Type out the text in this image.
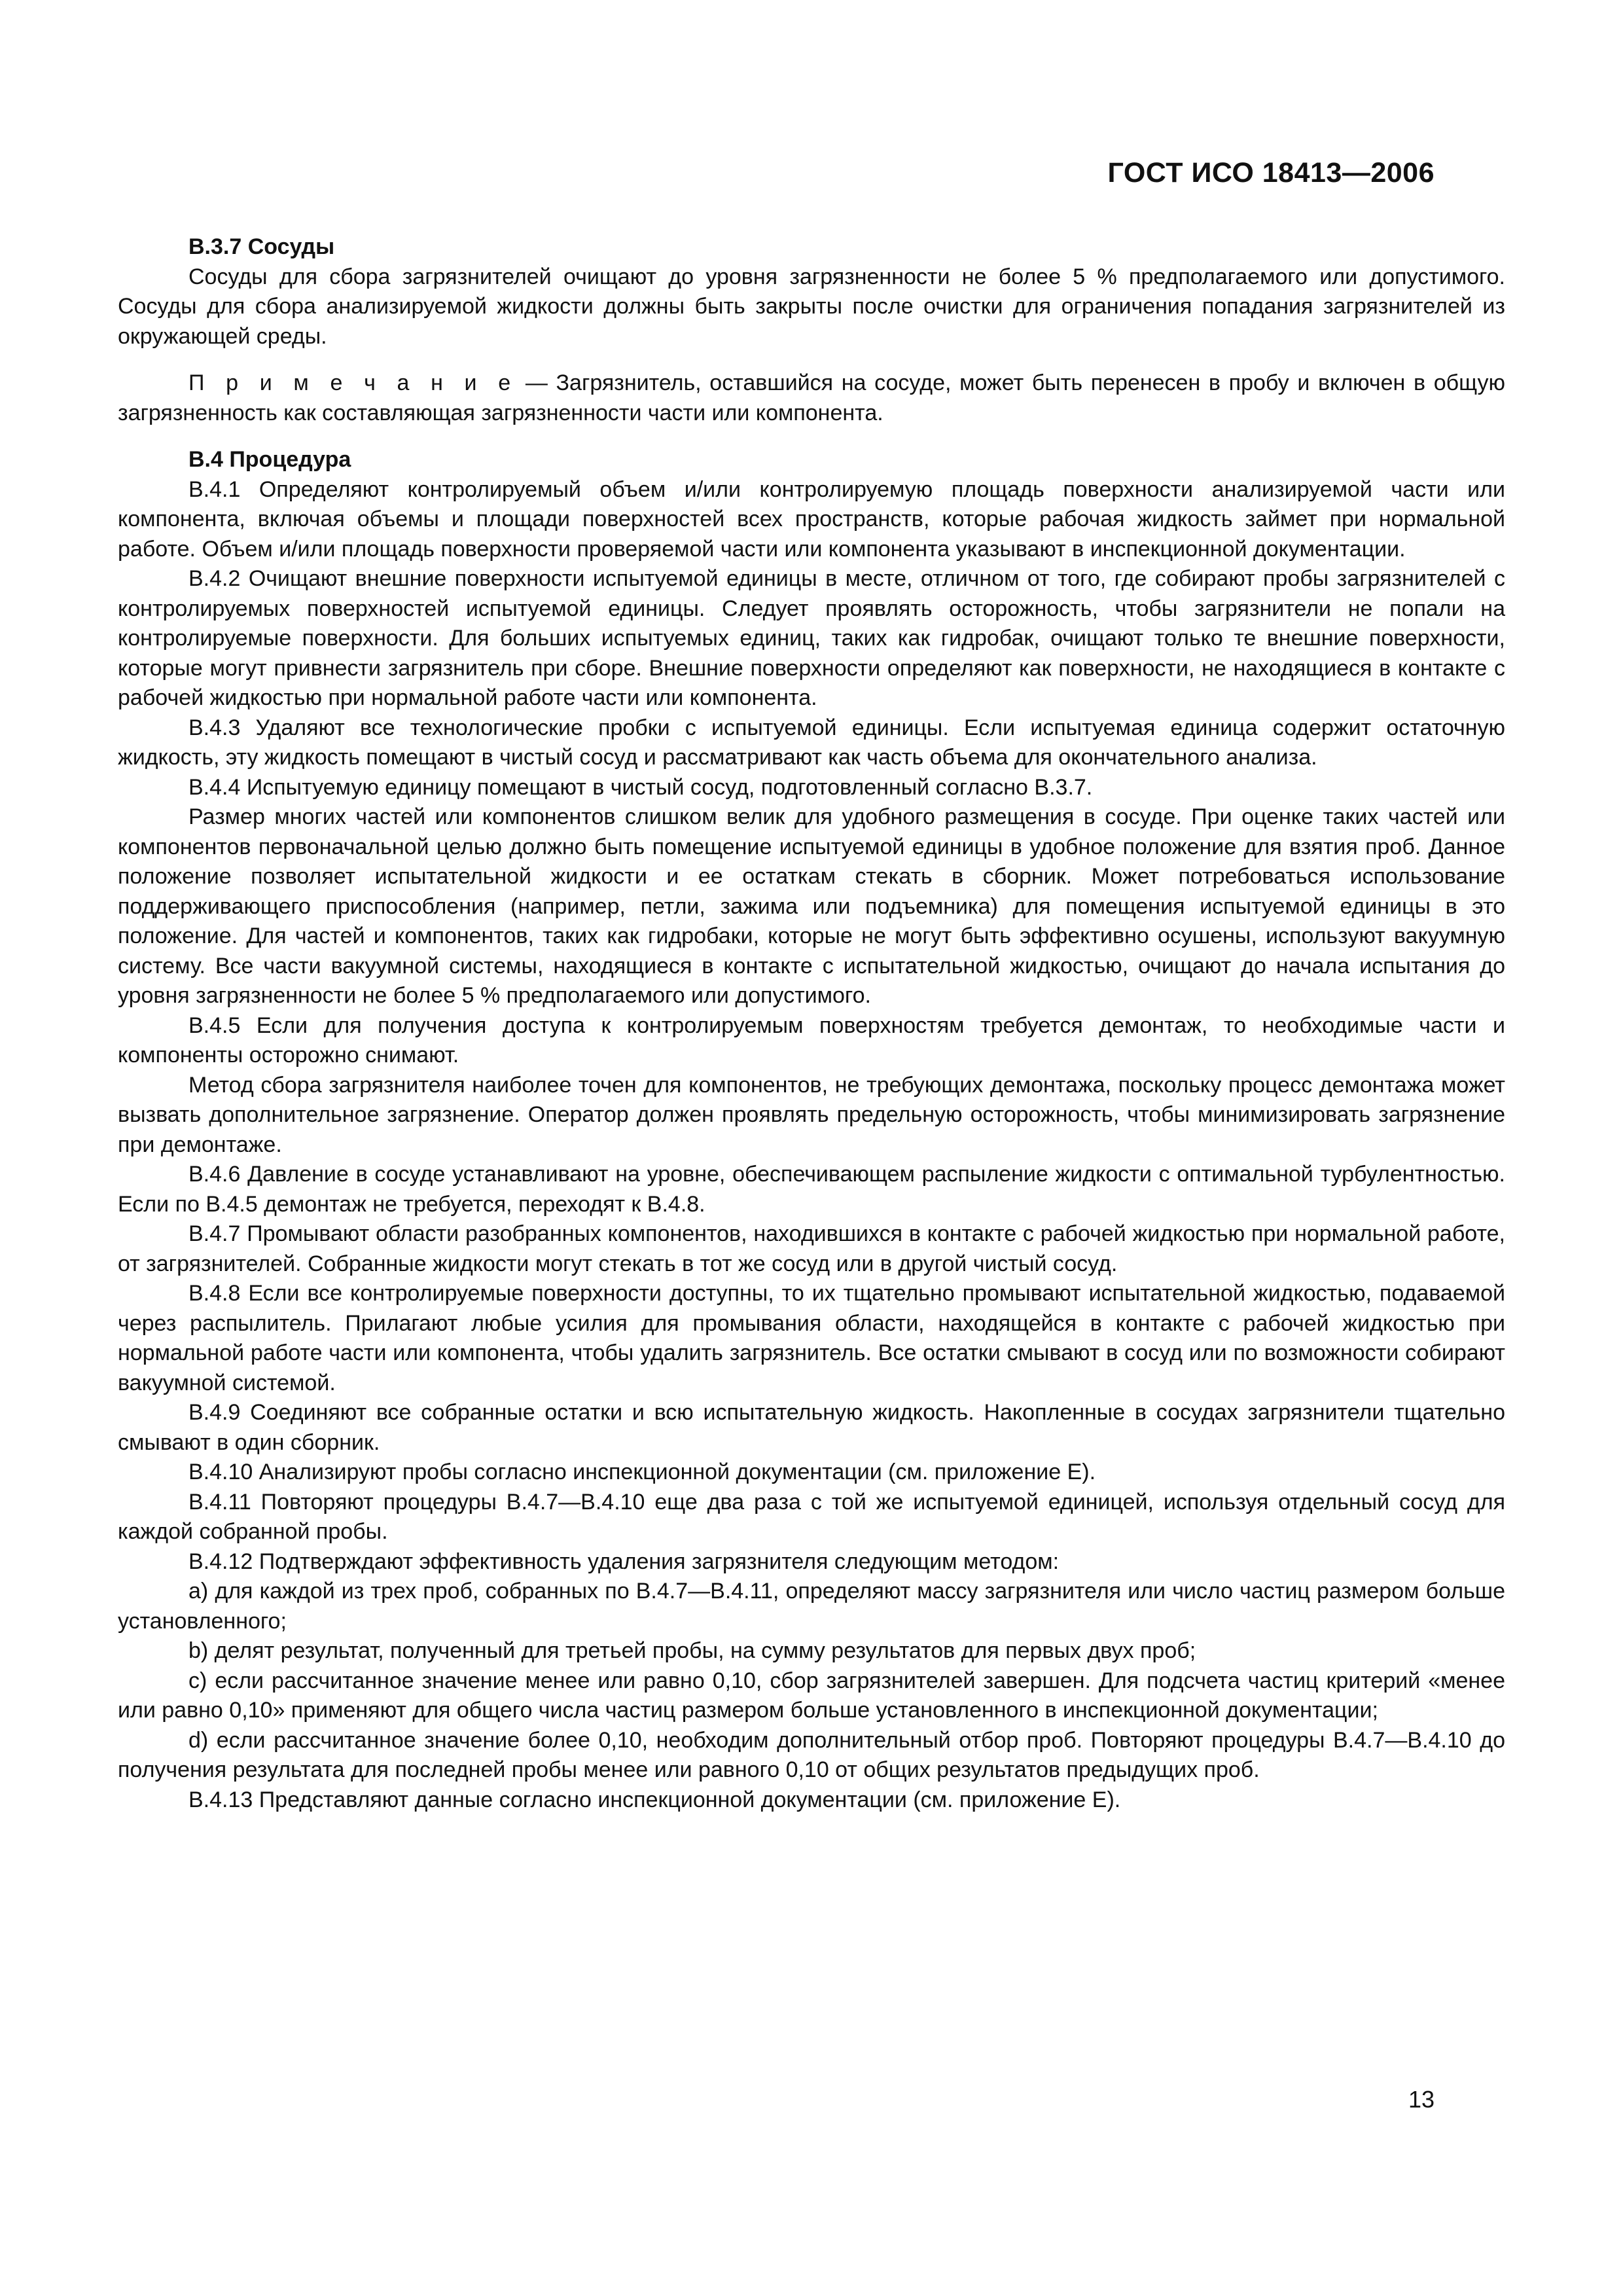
ГОСТ ИСО 18413—2006
B.3.7 Сосуды

Сосуды для сбора загрязнителей очищают до уровня загрязненности не более 5 % предполагаемого или допустимого. Сосуды для сбора анализируемой жидкости должны быть закрыты после очистки для ограничения попадания загрязнителей из окружающей среды.

П р и м е ч а н и е — Загрязнитель, оставшийся на сосуде, может быть перенесен в пробу и включен в общую загрязненность как составляющая загрязненности части или компонента.

B.4 Процедура

B.4.1 Определяют контролируемый объем и/или контролируемую площадь поверхности анализируемой части или компонента, включая объемы и площади поверхностей всех пространств, которые рабочая жидкость займет при нормальной работе. Объем и/или площадь поверхности проверяемой части или компонента указывают в инспекционной документации.

B.4.2 Очищают внешние поверхности испытуемой единицы в месте, отличном от того, где собирают пробы загрязнителей с контролируемых поверхностей испытуемой единицы. Следует проявлять осторожность, чтобы загрязнители не попали на контролируемые поверхности. Для больших испытуемых единиц, таких как гидробак, очищают только те внешние поверхности, которые могут привнести загрязнитель при сборе. Внешние поверхности определяют как поверхности, не находящиеся в контакте с рабочей жидкостью при нормальной работе части или компонента.

B.4.3 Удаляют все технологические пробки с испытуемой единицы. Если испытуемая единица содержит остаточную жидкость, эту жидкость помещают в чистый сосуд и рассматривают как часть объема для окончательного анализа.

B.4.4 Испытуемую единицу помещают в чистый сосуд, подготовленный согласно B.3.7.

Размер многих частей или компонентов слишком велик для удобного размещения в сосуде. При оценке таких частей или компонентов первоначальной целью должно быть помещение испытуемой единицы в удобное положение для взятия проб. Данное положение позволяет испытательной жидкости и ее остаткам стекать в сборник. Может потребоваться использование поддерживающего приспособления (например, петли, зажима или подъемника) для помещения испытуемой единицы в это положение. Для частей и компонентов, таких как гидробаки, которые не могут быть эффективно осушены, используют вакуумную систему. Все части вакуумной системы, находящиеся в контакте с испытательной жидкостью, очищают до начала испытания до уровня загрязненности не более 5 % предполагаемого или допустимого.

B.4.5 Если для получения доступа к контролируемым поверхностям требуется демонтаж, то необходимые части и компоненты осторожно снимают.

Метод сбора загрязнителя наиболее точен для компонентов, не требующих демонтажа, поскольку процесс демонтажа может вызвать дополнительное загрязнение. Оператор должен проявлять предельную осторожность, чтобы минимизировать загрязнение при демонтаже.

B.4.6 Давление в сосуде устанавливают на уровне, обеспечивающем распыление жидкости с оптимальной турбулентностью. Если по B.4.5 демонтаж не требуется, переходят к B.4.8.

B.4.7 Промывают области разобранных компонентов, находившихся в контакте с рабочей жидкостью при нормальной работе, от загрязнителей. Собранные жидкости могут стекать в тот же сосуд или в другой чистый сосуд.

B.4.8 Если все контролируемые поверхности доступны, то их тщательно промывают испытательной жидкостью, подаваемой через распылитель. Прилагают любые усилия для промывания области, находящейся в контакте с рабочей жидкостью при нормальной работе части или компонента, чтобы удалить загрязнитель. Все остатки смывают в сосуд или по возможности собирают вакуумной системой.

B.4.9 Соединяют все собранные остатки и всю испытательную жидкость. Накопленные в сосудах загрязнители тщательно смывают в один сборник.

B.4.10 Анализируют пробы согласно инспекционной документации (см. приложение E).

B.4.11 Повторяют процедуры B.4.7—B.4.10 еще два раза с той же испытуемой единицей, используя отдельный сосуд для каждой собранной пробы.

B.4.12 Подтверждают эффективность удаления загрязнителя следующим методом:

a) для каждой из трех проб, собранных по B.4.7—B.4.11, определяют массу загрязнителя или число частиц размером больше установленного;

b) делят результат, полученный для третьей пробы, на сумму результатов для первых двух проб;

c) если рассчитанное значение менее или равно 0,10, сбор загрязнителей завершен. Для подсчета частиц критерий «менее или равно 0,10» применяют для общего числа частиц размером больше установленного в инспекционной документации;

d) если рассчитанное значение более 0,10, необходим дополнительный отбор проб. Повторяют процедуры B.4.7—B.4.10 до получения результата для последней пробы менее или равного 0,10 от общих результатов предыдущих проб.

B.4.13 Представляют данные согласно инспекционной документации (см. приложение E).

13
